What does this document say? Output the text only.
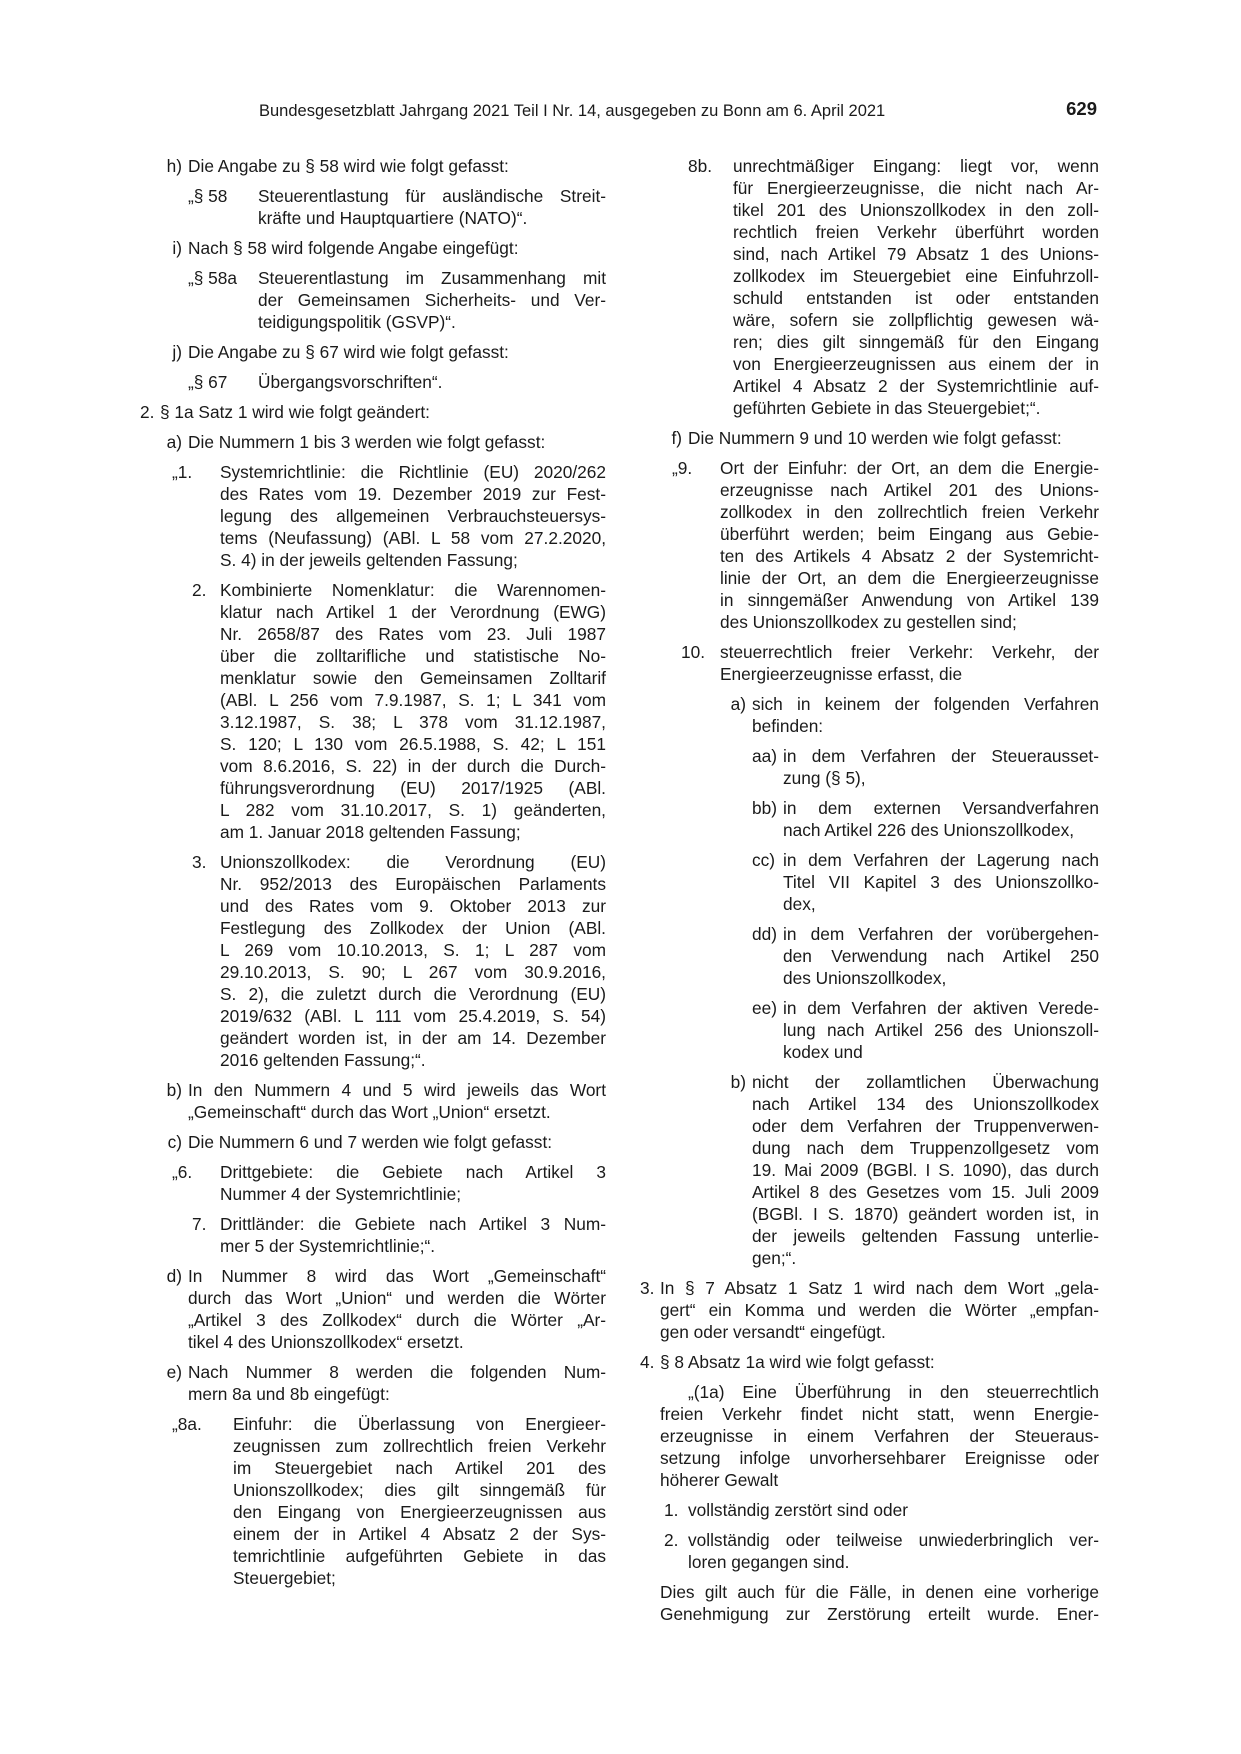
Bundesgesetzblatt Jahrgang 2021 Teil I Nr. 14, ausgegeben zu Bonn am 6. April 2021	629
h) Die Angabe zu § 58 wird wie folgt gefasst:
„§ 58 Steuerentlastung für ausländische Streit-
kräfte und Hauptquartiere (NATO)“.
i) Nach § 58 wird folgende Angabe eingefügt:
„§ 58a Steuerentlastung im Zusammenhang mit
der Gemeinsamen Sicherheits- und Ver-
teidigungspolitik (GSVP)“.
j) Die Angabe zu § 67 wird wie folgt gefasst:
„§ 67 Übergangsvorschriften“.
2. § 1a Satz 1 wird wie folgt geändert:
a) Die Nummern 1 bis 3 werden wie folgt gefasst:
„1. Systemrichtlinie: die Richtlinie (EU) 2020/262
des Rates vom 19. Dezember 2019 zur Fest-
legung des allgemeinen Verbrauchsteuersys-
tems (Neufassung) (ABl. L 58 vom 27.2.2020,
S. 4) in der jeweils geltenden Fassung;
2. Kombinierte Nomenklatur: die Warennomen-
klatur nach Artikel 1 der Verordnung (EWG)
Nr. 2658/87 des Rates vom 23. Juli 1987
über die zolltarifliche und statistische No-
menklatur sowie den Gemeinsamen Zolltarif
(ABl. L 256 vom 7.9.1987, S. 1; L 341 vom
3.12.1987, S. 38; L 378 vom 31.12.1987,
S. 120; L 130 vom 26.5.1988, S. 42; L 151
vom 8.6.2016, S. 22) in der durch die Durch-
führungsverordnung (EU) 2017/1925 (ABl.
L 282 vom 31.10.2017, S. 1) geänderten,
am 1. Januar 2018 geltenden Fassung;
3. Unionszollkodex: die Verordnung (EU)
Nr. 952/2013 des Europäischen Parlaments
und des Rates vom 9. Oktober 2013 zur
Festlegung des Zollkodex der Union (ABl.
L 269 vom 10.10.2013, S. 1; L 287 vom
29.10.2013, S. 90; L 267 vom 30.9.2016,
S. 2), die zuletzt durch die Verordnung (EU)
2019/632 (ABl. L 111 vom 25.4.2019, S. 54)
geändert worden ist, in der am 14. Dezember
2016 geltenden Fassung;“.
b) In den Nummern 4 und 5 wird jeweils das Wort
„Gemeinschaft“ durch das Wort „Union“ ersetzt.
c) Die Nummern 6 und 7 werden wie folgt gefasst:
„6. Drittgebiete: die Gebiete nach Artikel 3
Nummer 4 der Systemrichtlinie;
7. Drittländer: die Gebiete nach Artikel 3 Num-
mer 5 der Systemrichtlinie;“.
d) In Nummer 8 wird das Wort „Gemeinschaft“
durch das Wort „Union“ und werden die Wörter
„Artikel 3 des Zollkodex“ durch die Wörter „Ar-
tikel 4 des Unionszollkodex“ ersetzt.
e) Nach Nummer 8 werden die folgenden Num-
mern 8a und 8b eingefügt:
„8a. Einfuhr: die Überlassung von Energieer-
zeugnissen zum zollrechtlich freien Verkehr
im Steuergebiet nach Artikel 201 des
Unionszollkodex; dies gilt sinngemäß für
den Eingang von Energieerzeugnissen aus
einem der in Artikel 4 Absatz 2 der Sys-
temrichtlinie aufgeführten Gebiete in das
Steuergebiet;
8b. unrechtmäßiger Eingang: liegt vor, wenn
für Energieerzeugnisse, die nicht nach Ar-
tikel 201 des Unionszollkodex in den zoll-
rechtlich freien Verkehr überführt worden
sind, nach Artikel 79 Absatz 1 des Unions-
zollkodex im Steuergebiet eine Einfuhrzoll-
schuld entstanden ist oder entstanden
wäre, sofern sie zollpflichtig gewesen wä-
ren; dies gilt sinngemäß für den Eingang
von Energieerzeugnissen aus einem der in
Artikel 4 Absatz 2 der Systemrichtlinie auf-
geführten Gebiete in das Steuergebiet;“.
f) Die Nummern 9 und 10 werden wie folgt gefasst:
„9. Ort der Einfuhr: der Ort, an dem die Energie-
erzeugnisse nach Artikel 201 des Unions-
zollkodex in den zollrechtlich freien Verkehr
überführt werden; beim Eingang aus Gebie-
ten des Artikels 4 Absatz 2 der Systemricht-
linie der Ort, an dem die Energieerzeugnisse
in sinngemäßer Anwendung von Artikel 139
des Unionszollkodex zu gestellen sind;
10. steuerrechtlich freier Verkehr: Verkehr, der
Energieerzeugnisse erfasst, die
a) sich in keinem der folgenden Verfahren
befinden:
aa) in dem Verfahren der Steuerausset-
zung (§ 5),
bb) in dem externen Versandverfahren
nach Artikel 226 des Unionszollkodex,
cc) in dem Verfahren der Lagerung nach
Titel VII Kapitel 3 des Unionszollko-
dex,
dd) in dem Verfahren der vorübergehen-
den Verwendung nach Artikel 250
des Unionszollkodex,
ee) in dem Verfahren der aktiven Verede-
lung nach Artikel 256 des Unionszoll-
kodex und
b) nicht der zollamtlichen Überwachung
nach Artikel 134 des Unionszollkodex
oder dem Verfahren der Truppenverwen-
dung nach dem Truppenzollgesetz vom
19. Mai 2009 (BGBl. I S. 1090), das durch
Artikel 8 des Gesetzes vom 15. Juli 2009
(BGBl. I S. 1870) geändert worden ist, in
der jeweils geltenden Fassung unterlie-
gen;“.
3. In § 7 Absatz 1 Satz 1 wird nach dem Wort „gela-
gert“ ein Komma und werden die Wörter „empfan-
gen oder versandt“ eingefügt.
4. § 8 Absatz 1a wird wie folgt gefasst:
„(1a) Eine Überführung in den steuerrechtlich
freien Verkehr findet nicht statt, wenn Energie-
erzeugnisse in einem Verfahren der Steueraus-
setzung infolge unvorhersehbarer Ereignisse oder
höherer Gewalt
1. vollständig zerstört sind oder
2. vollständig oder teilweise unwiederbringlich ver-
loren gegangen sind.
Dies gilt auch für die Fälle, in denen eine vorherige
Genehmigung zur Zerstörung erteilt wurde. Ener-
